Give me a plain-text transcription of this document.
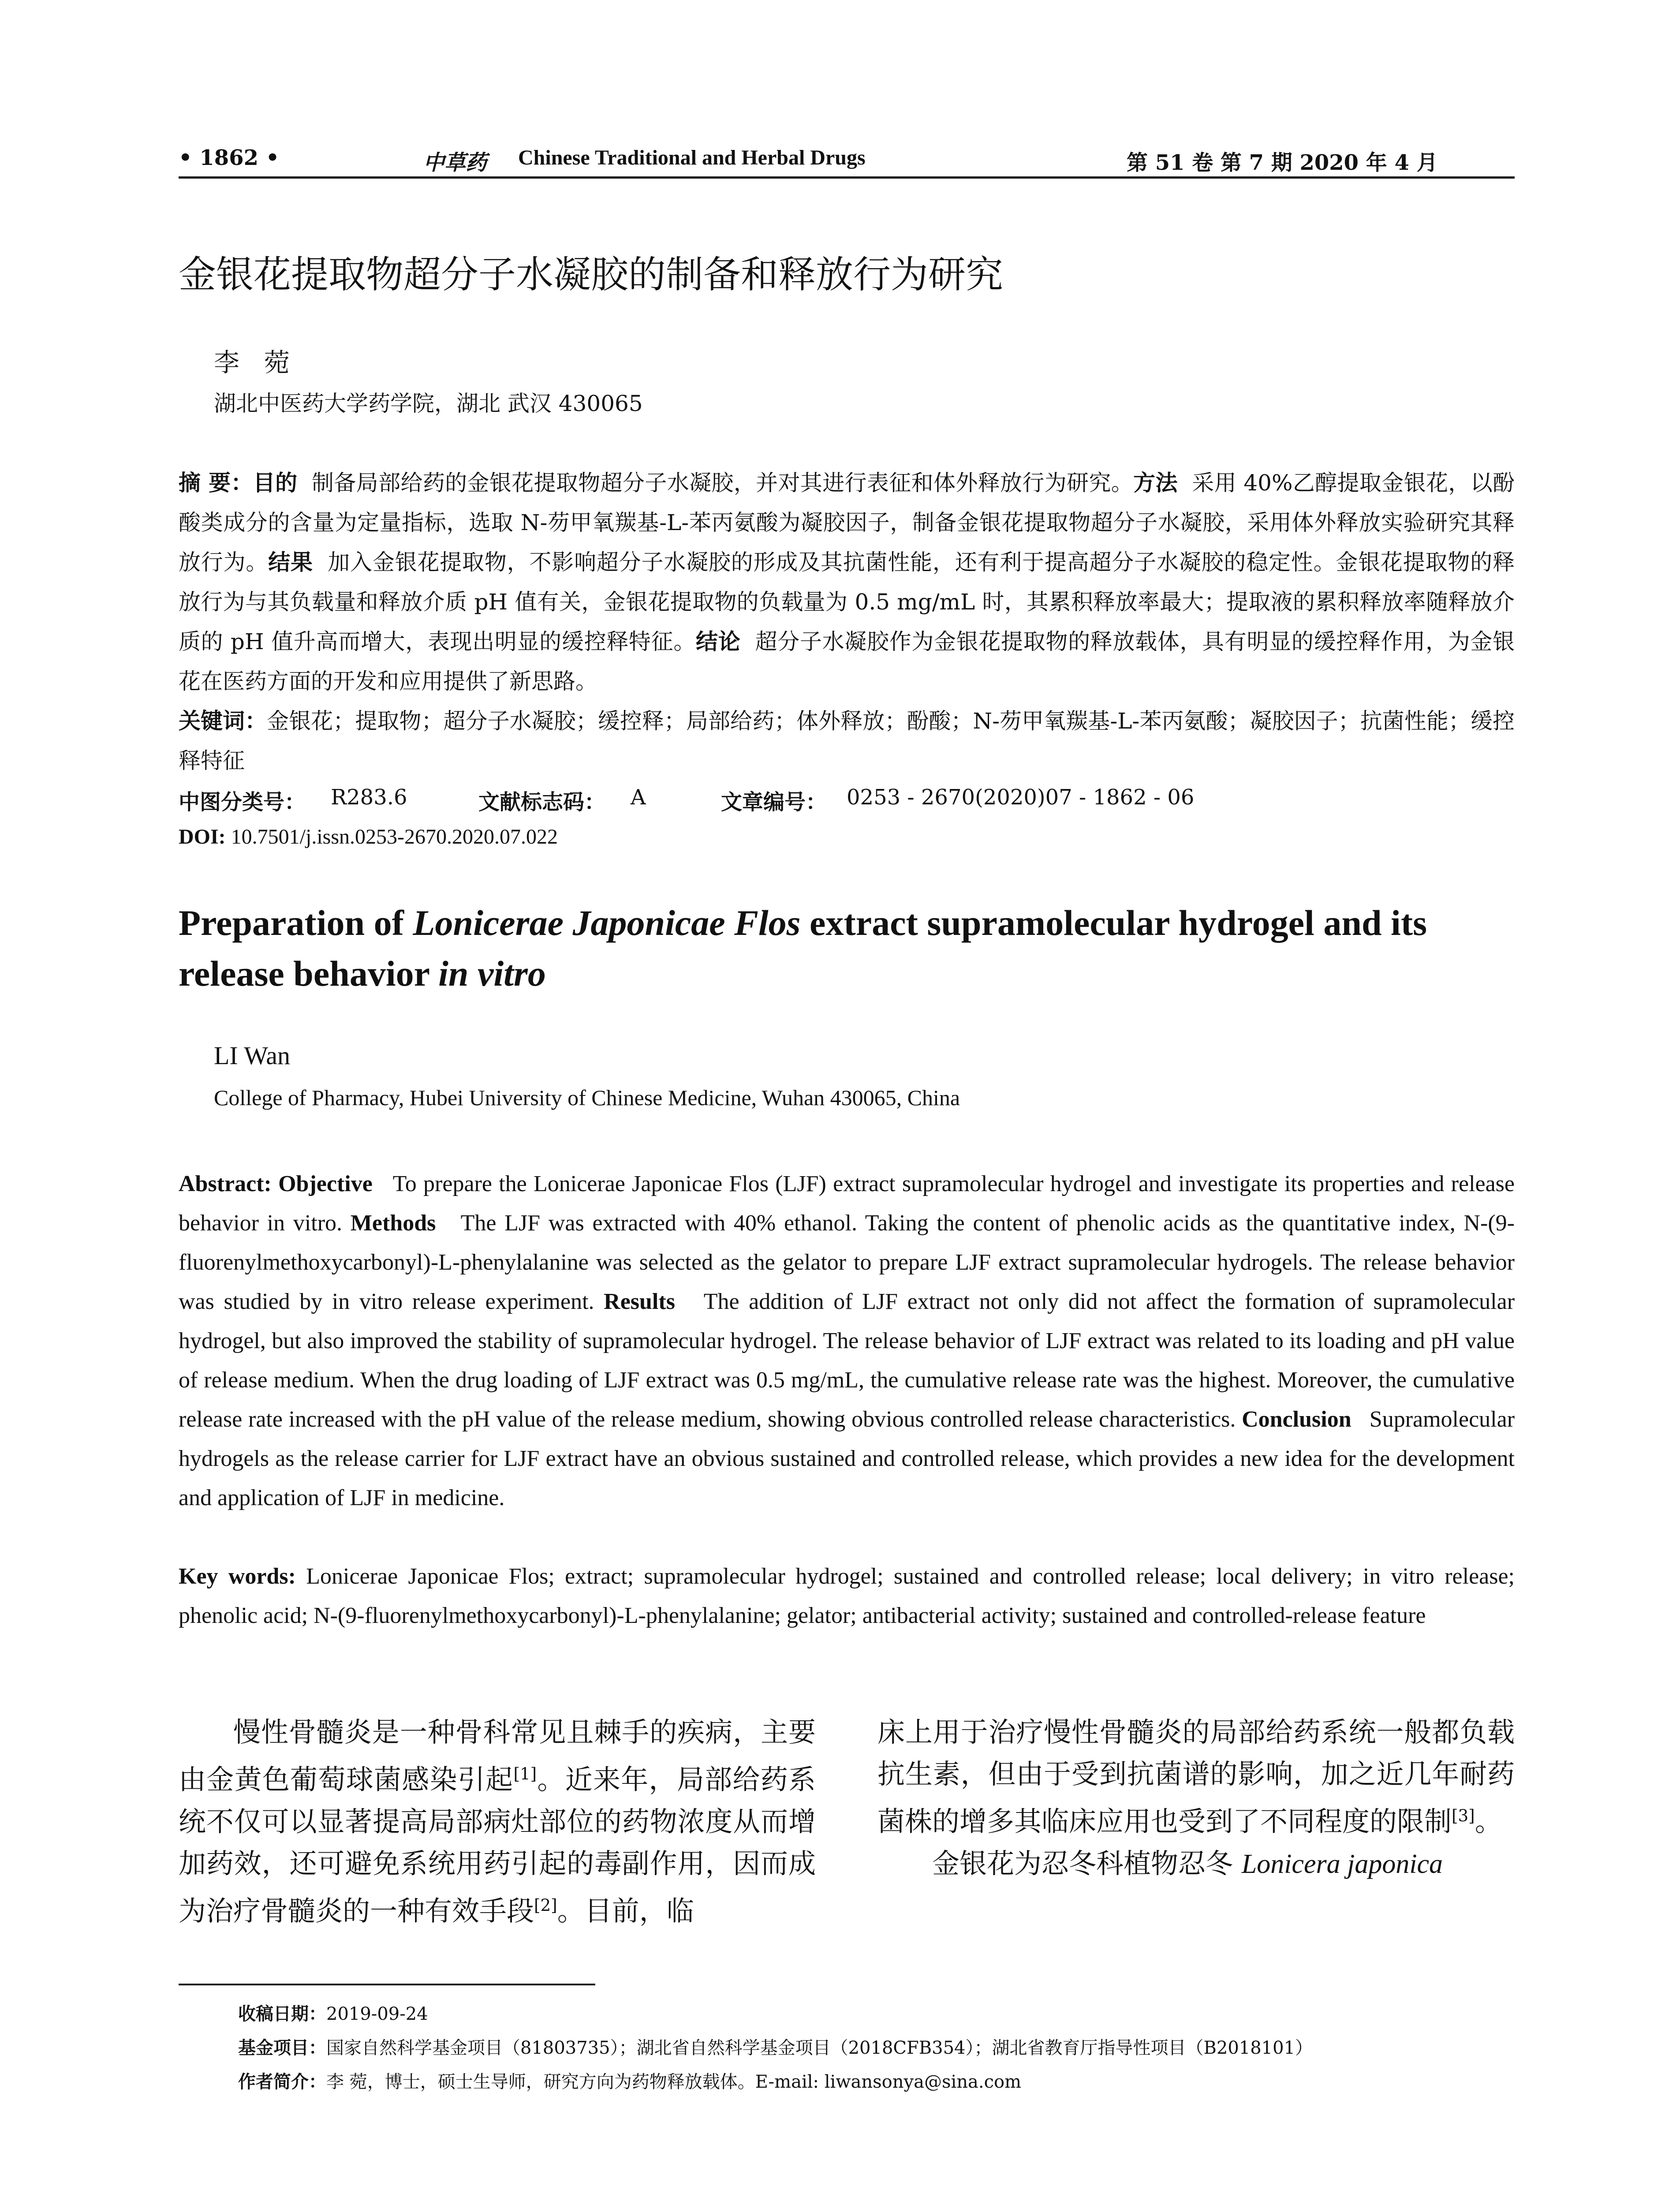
• 1862 •	中草药 Chinese Traditional and Herbal Drugs	第 51 卷 第 7 期 2020 年 4 月
金银花提取物超分子水凝胶的制备和释放行为研究
李菀
湖北中医药大学药学院，湖北 武汉 430065
摘 要：目的 制备局部给药的金银花提取物超分子水凝胶，并对其进行表征和体外释放行为研究。方法 采用 40%乙醇提取金银花，以酚酸类成分的含量为定量指标，选取 N-芴甲氧羰基-L-苯丙氨酸为凝胶因子，制备金银花提取物超分子水凝胶，采用体外释放实验研究其释放行为。结果 加入金银花提取物，不影响超分子水凝胶的形成及其抗菌性能，还有利于提高超分子水凝胶的稳定性。金银花提取物的释放行为与其负载量和释放介质 pH 值有关，金银花提取物的负载量为 0.5 mg/mL 时，其累积释放率最大；提取液的累积释放率随释放介质的 pH 值升高而增大，表现出明显的缓控释特征。结论 超分子水凝胶作为金银花提取物的释放载体，具有明显的缓控释作用，为金银花在医药方面的开发和应用提供了新思路。
关键词：金银花；提取物；超分子水凝胶；缓控释；局部给药；体外释放；酚酸；N-芴甲氧羰基-L-苯丙氨酸；凝胶因子；抗菌性能；缓控释特征
中图分类号： R283.6	文献标志码： A	文章编号： 0253 - 2670(2020)07 - 1862 - 06
DOI: 10.7501/j.issn.0253-2670.2020.07.022
Preparation of Lonicerae Japonicae Flos extract supramolecular hydrogel and its release behavior in vitro
LI Wan
College of Pharmacy, Hubei University of Chinese Medicine, Wuhan 430065, China
Abstract: Objective To prepare the Lonicerae Japonicae Flos (LJF) extract supramolecular hydrogel and investigate its properties and release behavior in vitro. Methods The LJF was extracted with 40% ethanol. Taking the content of phenolic acids as the quantitative index, N-(9-fluorenylmethoxycarbonyl)-L-phenylalanine was selected as the gelator to prepare LJF extract supramolecular hydrogels. The release behavior was studied by in vitro release experiment. Results The addition of LJF extract not only did not affect the formation of supramolecular hydrogel, but also improved the stability of supramolecular hydrogel. The release behavior of LJF extract was related to its loading and pH value of release medium. When the drug loading of LJF extract was 0.5 mg/mL, the cumulative release rate was the highest. Moreover, the cumulative release rate increased with the pH value of the release medium, showing obvious controlled release characteristics. Conclusion Supramolecular hydrogels as the release carrier for LJF extract have an obvious sustained and controlled release, which provides a new idea for the development and application of LJF in medicine.
Key words: Lonicerae Japonicae Flos; extract; supramolecular hydrogel; sustained and controlled release; local delivery; in vitro release; phenolic acid; N-(9-fluorenylmethoxycarbonyl)-L-phenylalanine; gelator; antibacterial activity; sustained and controlled-release feature
慢性骨髓炎是一种骨科常见且棘手的疾病，主要由金黄色葡萄球菌感染引起[1]。近来年，局部给药系统不仅可以显著提高局部病灶部位的药物浓度从而增加药效，还可避免系统用药引起的毒副作用，因而成为治疗骨髓炎的一种有效手段[2]。目前，临
床上用于治疗慢性骨髓炎的局部给药系统一般都负载抗生素，但由于受到抗菌谱的影响，加之近几年耐药菌株的增多其临床应用也受到了不同程度的限制[3]。
金银花为忍冬科植物忍冬 Lonicera japonica
收稿日期：2019-09-24
基金项目：国家自然科学基金项目（81803735）；湖北省自然科学基金项目（2018CFB354）；湖北省教育厅指导性项目（B2018101）
作者简介：李 菀，博士，硕士生导师，研究方向为药物释放载体。E-mail: liwansonya@sina.com
